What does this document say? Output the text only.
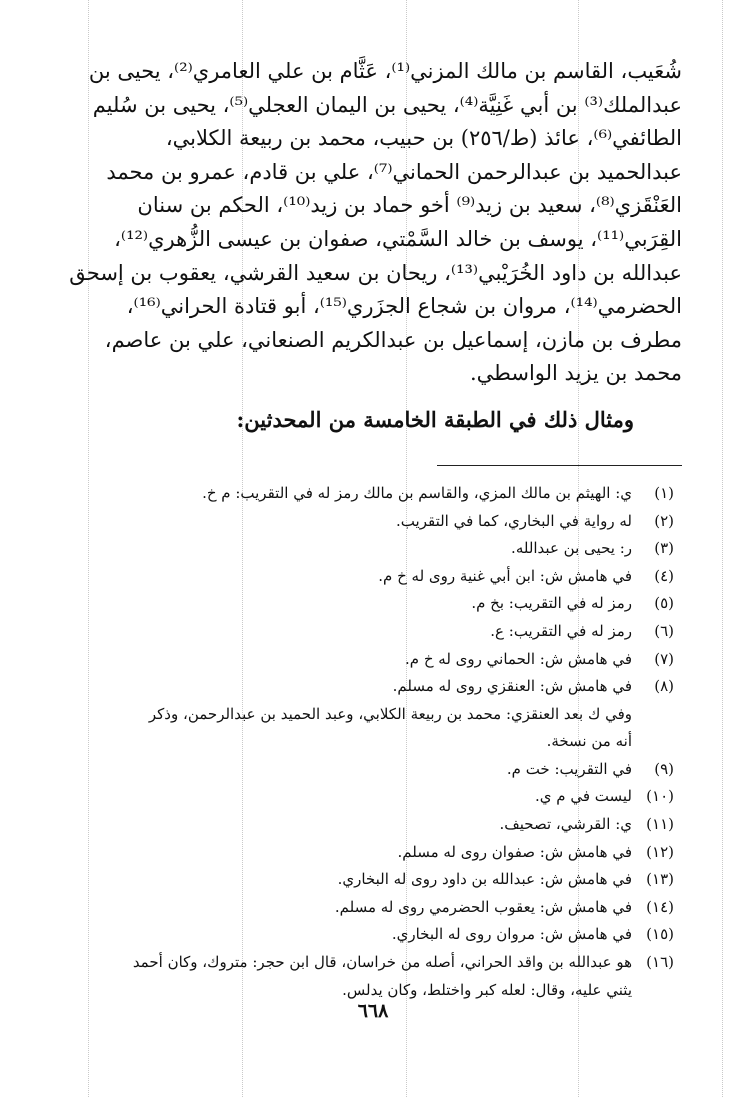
شُعَيب، القاسم بن مالك المزني⁽¹⁾، عَثَّام بن علي العامري⁽²⁾، يحيى بن

عبدالملك⁽³⁾ بن أبي غَنِيَّة⁽⁴⁾، يحيى بن اليمان العجلي⁽⁵⁾، يحيى بن سُليم

الطائفي⁽⁶⁾، عائذ (ط/٢٥٦) بن حبيب، محمد بن ربيعة الكلابي،

عبدالحميد بن عبدالرحمن الحماني⁽⁷⁾، علي بن قادم، عمرو بن محمد

العَنْقَزي⁽⁸⁾، سعيد بن زيد⁽⁹⁾ أخو حماد بن زيد⁽¹⁰⁾، الحكم بن سنان

القِرَبي⁽¹¹⁾، يوسف بن خالد السَّمْتي، صفوان بن عيسى الزُّهري⁽¹²⁾،

عبدالله بن داود الخُرَيْبي⁽¹³⁾، ريحان بن سعيد القرشي، يعقوب بن إسحق

الحضرمي⁽¹⁴⁾، مروان بن شجاع الجزَري⁽¹⁵⁾، أبو قتادة الحراني⁽¹⁶⁾،

مطرف بن مازن، إسماعيل بن عبدالكريم الصنعاني، علي بن عاصم،

محمد بن يزيد الواسطي.

ومثال ذلك في الطبقة الخامسة من المحدثين:
(١)
ي: الهيثم بن مالك المزي، والقاسم بن مالك رمز له في التقريب: م خ.
(٢)
له رواية في البخاري، كما في التقريب.
(٣)
ر: يحيى بن عبدالله.
(٤)
في هامش ش: ابن أبي غنية روى له خ م.
(٥)
رمز له في التقريب: بخ م.
(٦)
رمز له في التقريب: ع.
(٧)
في هامش ش: الحماني روى له خ م.
(٨)
في هامش ش: العنقزي روى له مسلم.
وفي ك بعد العنقزي: محمد بن ربيعة الكلابي، وعبد الحميد بن عبدالرحمن، وذكر
أنه من نسخة.
(٩)
في التقريب: خت م.
(١٠)
ليست في م ي.
(١١)
ي: القرشي، تصحيف.
(١٢)
في هامش ش: صفوان روى له مسلم.
(١٣)
في هامش ش: عبدالله بن داود روى له البخاري.
(١٤)
في هامش ش: يعقوب الحضرمي روى له مسلم.
(١٥)
في هامش ش: مروان روى له البخاري.
(١٦)
هو عبدالله بن واقد الحراني، أصله من خراسان، قال ابن حجر: متروك، وكان أحمد
يثني عليه، وقال: لعله كبر واختلط، وكان يدلس.
٦٦٨
